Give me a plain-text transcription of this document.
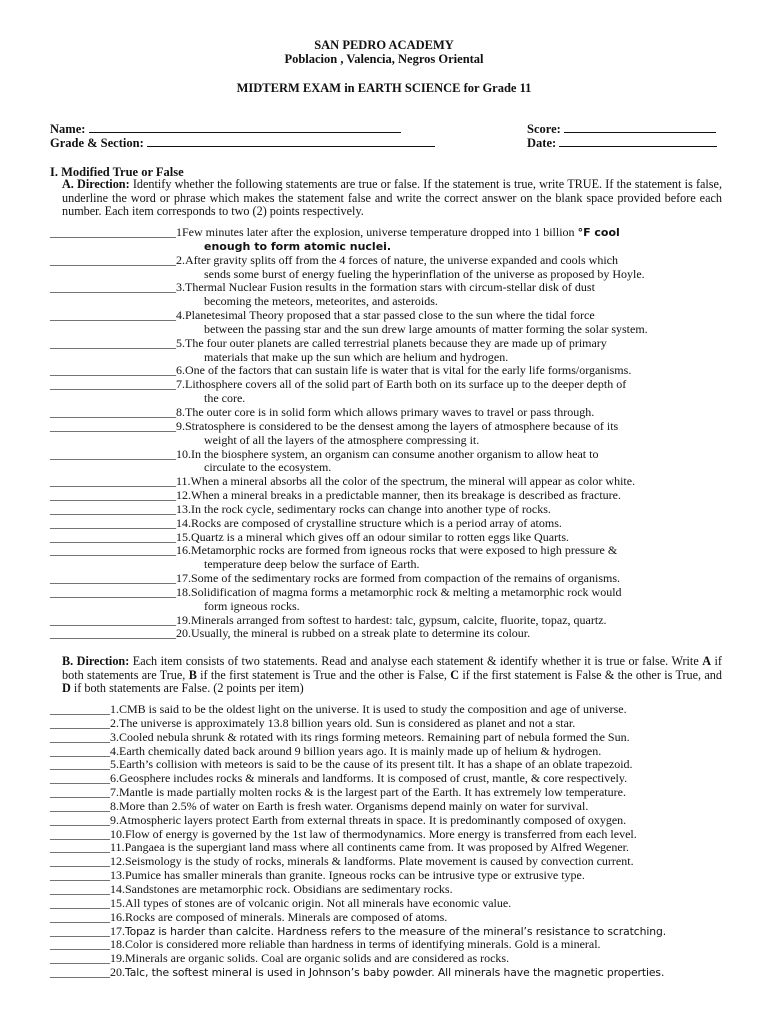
SAN PEDRO ACADEMY
Poblacion , Valencia, Negros Oriental
MIDTERM EXAM in EARTH SCIENCE for Grade 11
Name:
Grade & Section:
Score:
Date:
I. Modified True or False
A. Direction: Identify whether the following statements are true or false. If the statement is true, write TRUE. If the statement is false, underline the word or phrase which makes the statement false and write the correct answer on the blank space provided before each number. Each item corresponds to two (2) points respectively.
_____________________ 1 Few minutes later after the explosion, universe temperature dropped into 1 billion °F cool
enough to form atomic nuclei.
_____________________ 2. After gravity splits off from the 4 forces of nature, the universe expanded and cools which
sends some burst of energy fueling the hyperinflation of the universe as proposed by Hoyle.
_____________________ 3. Thermal Nuclear Fusion results in the formation stars with circum-stellar disk of dust
becoming the meteors, meteorites, and asteroids.
_____________________ 4. Planetesimal Theory proposed that a star passed close to the sun where the tidal force
between the passing star and the sun drew large amounts of matter forming the solar system.
_____________________ 5. The four outer planets are called terrestrial planets because they are made up of primary
materials that make up the sun which are helium and hydrogen.
_____________________ 6. One of the factors that can sustain life is water that is vital for the early life forms/organisms.
_____________________ 7. Lithosphere covers all of the solid part of Earth both on its surface up to the deeper depth of
the core.
_____________________ 8. The outer core is in solid form which allows primary waves to travel or pass through.
_____________________ 9. Stratosphere is considered to be the densest among the layers of atmosphere because of its
weight of all the layers of the atmosphere compressing it.
_____________________ 10. In the biosphere system, an organism can consume another organism to allow heat to
circulate to the ecosystem.
_____________________ 11. When a mineral absorbs all the color of the spectrum, the mineral will appear as color white.
_____________________ 12. When a mineral breaks in a predictable manner, then its breakage is described as fracture.
_____________________ 13. In the rock cycle, sedimentary rocks can change into another type of rocks.
_____________________ 14. Rocks are composed of crystalline structure which is a period array of atoms.
_____________________ 15. Quartz is a mineral which gives off an odour similar to rotten eggs like Quarts.
_____________________ 16. Metamorphic rocks are formed from igneous rocks that were exposed to high pressure &
temperature deep below the surface of Earth.
_____________________ 17. Some of the sedimentary rocks are formed from compaction of the remains of organisms.
_____________________ 18. Solidification of magma forms a metamorphic rock & melting a metamorphic rock would
form igneous rocks.
_____________________ 19. Minerals arranged from softest to hardest: talc, gypsum, calcite, fluorite, topaz, quartz.
_____________________ 20. Usually, the mineral is rubbed on a streak plate to determine its colour.
B. Direction: Each item consists of two statements. Read and analyse each statement & identify whether it is true or false. Write A if both statements are True, B if the first statement is True and the other is False, C if the first statement is False & the other is True, and D if both statements are False. (2 points per item)
__________ 1. CMB is said to be the oldest light on the universe. It is used to study the composition and age of universe.
__________ 2. The universe is approximately 13.8 billion years old. Sun is considered as planet and not a star.
__________ 3. Cooled nebula shrunk & rotated with its rings forming meteors. Remaining part of nebula formed the Sun.
__________ 4. Earth chemically dated back around 9 billion years ago. It is mainly made up of helium & hydrogen.
__________ 5. Earth’s collision with meteors is said to be the cause of its present tilt. It has a shape of an oblate trapezoid.
__________ 6. Geosphere includes rocks & minerals and landforms. It is composed of crust, mantle, & core respectively.
__________ 7. Mantle is made partially molten rocks & is the largest part of the Earth. It has extremely low temperature.
__________ 8. More than 2.5% of water on Earth is fresh water. Organisms depend mainly on water for survival.
__________ 9. Atmospheric layers protect Earth from external threats in space. It is predominantly composed of oxygen.
__________ 10. Flow of energy is governed by the 1st law of thermodynamics. More energy is transferred from each level.
__________ 11. Pangaea is the supergiant land mass where all continents came from. It was proposed by Alfred Wegener.
__________ 12. Seismology is the study of rocks, minerals & landforms. Plate movement is caused by convection current.
__________ 13. Pumice has smaller minerals than granite. Igneous rocks can be intrusive type or extrusive type.
__________ 14. Sandstones are metamorphic rock. Obsidians are sedimentary rocks.
__________ 15. All types of stones are of volcanic origin. Not all minerals have economic value.
__________ 16. Rocks are composed of minerals. Minerals are composed of atoms.
__________ 17. Topaz is harder than calcite. Hardness refers to the measure of the mineral’s resistance to scratching.
__________ 18. Color is considered more reliable than hardness in terms of identifying minerals. Gold is a mineral.
__________ 19. Minerals are organic solids. Coal are organic solids and are considered as rocks.
__________ 20. Talc, the softest mineral is used in Johnson’s baby powder. All minerals have the magnetic properties.
